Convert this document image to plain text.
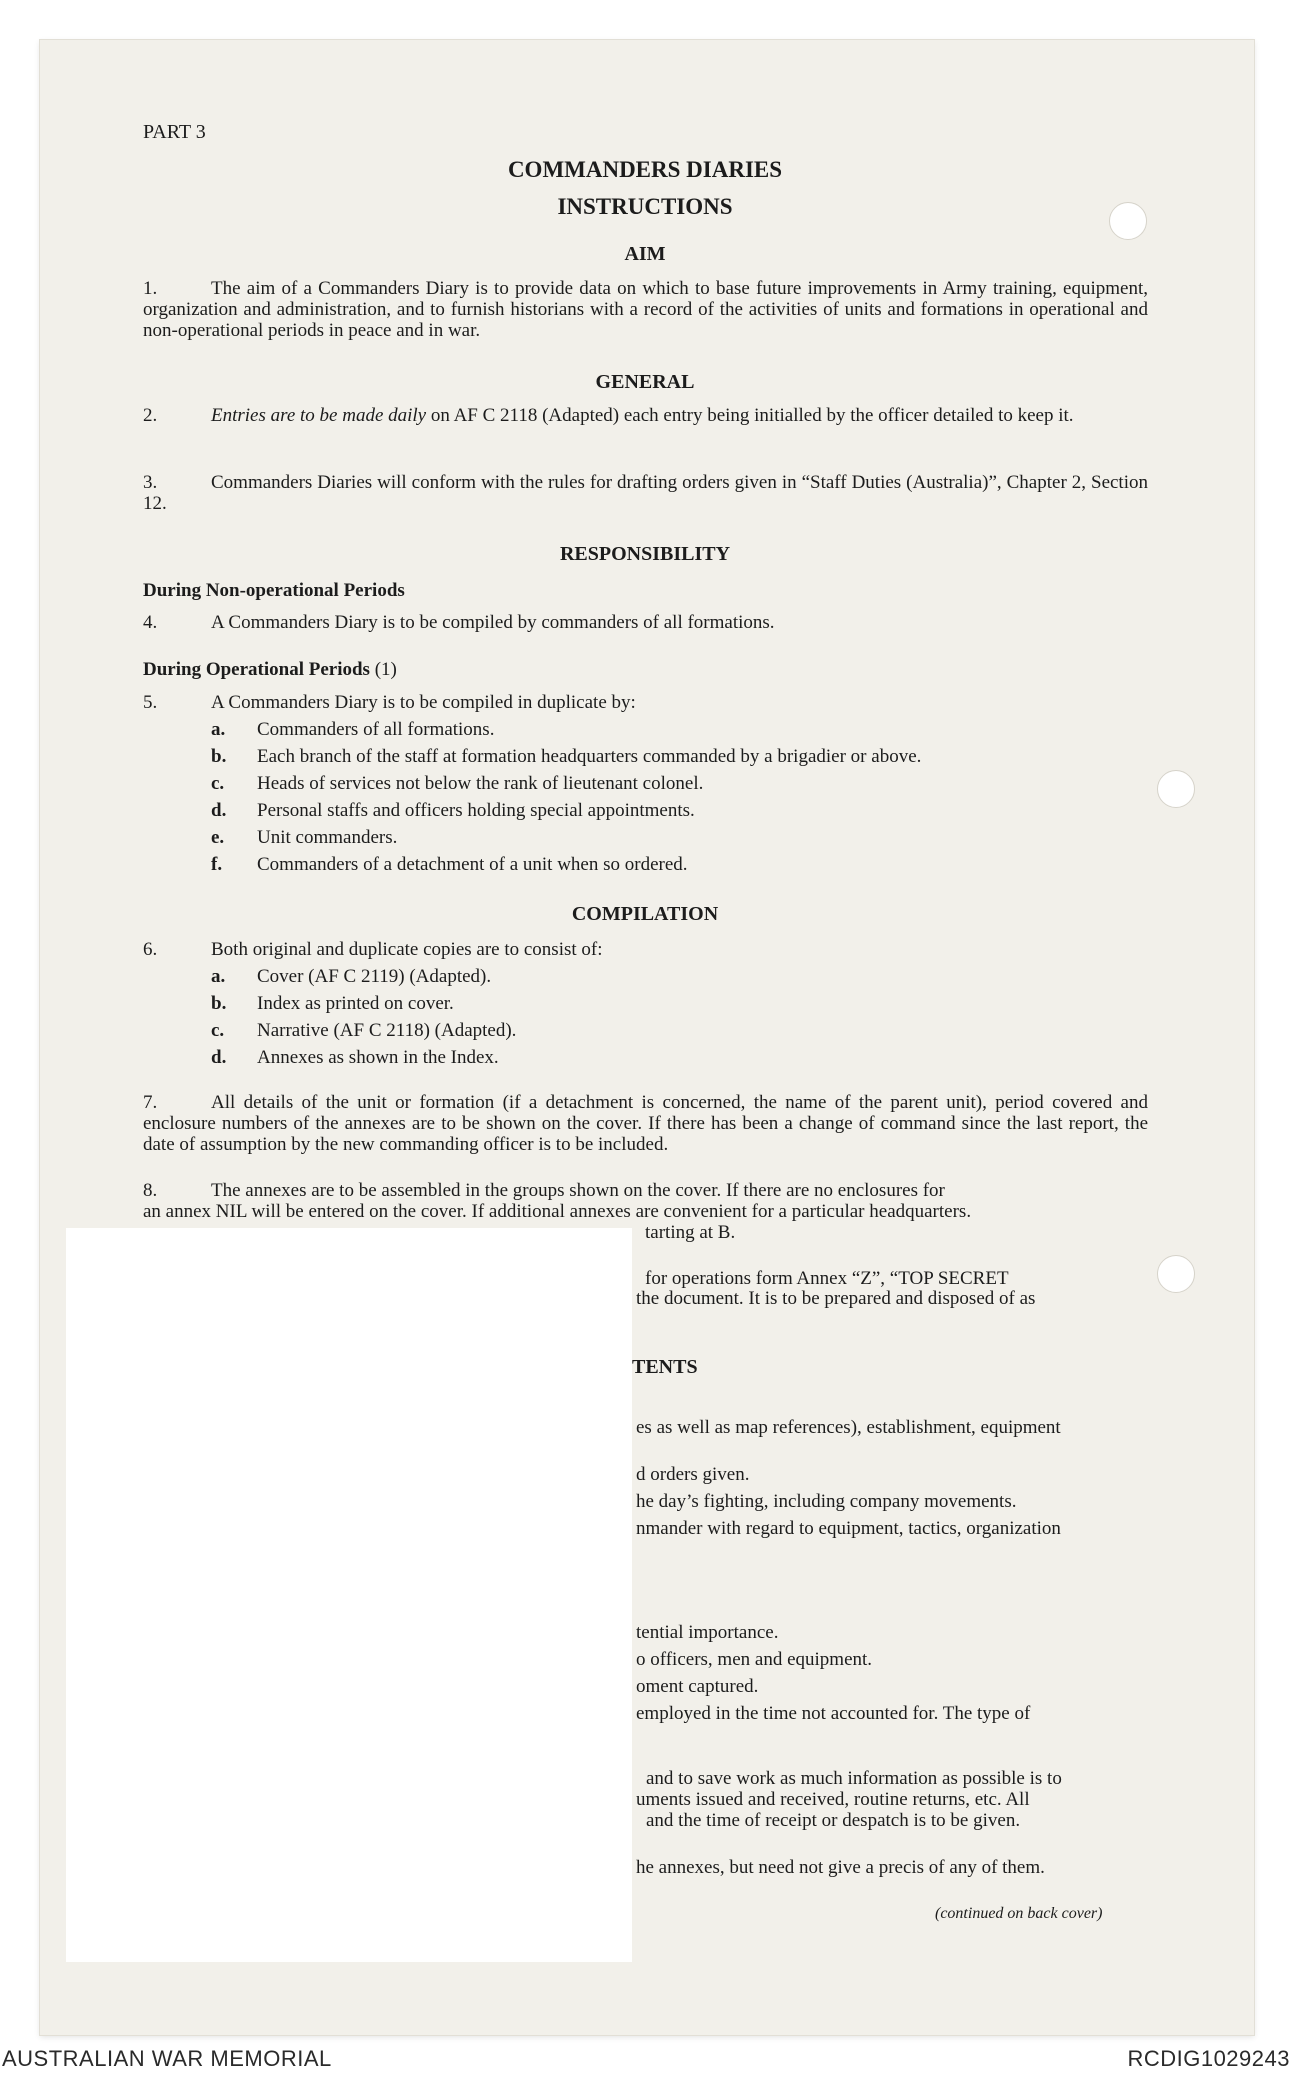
PART 3

COMMANDERS DIARIES

INSTRUCTIONS

AIM

1.	The aim of a Commanders Diary is to provide data on which to base future improvements in Army training, equipment, organization and administration, and to furnish historians with a record of the activities of units and formations in operational and non-operational periods in peace and in war.

GENERAL

2.	Entries are to be made daily on AF C 2118 (Adapted) each entry being initialled by the officer detailed to keep it.

3.	Commanders Diaries will conform with the rules for drafting orders given in “Staff Duties (Australia)”, Chapter 2, Section 12.

RESPONSIBILITY

During Non-operational Periods

4.	A Commanders Diary is to be compiled by commanders of all formations.

During Operational Periods (1)

5.	A Commanders Diary is to be compiled in duplicate by:

a. Commanders of all formations.

b. Each branch of the staff at formation headquarters commanded by a brigadier or above.

c. Heads of services not below the rank of lieutenant colonel.

d. Personal staffs and officers holding special appointments.

e. Unit commanders.

f. Commanders of a detachment of a unit when so ordered.

COMPILATION

6.	Both original and duplicate copies are to consist of:

a. Cover (AF C 2119) (Adapted).

b. Index as printed on cover.

c. Narrative (AF C 2118) (Adapted).

d. Annexes as shown in the Index.

7.	All details of the unit or formation (if a detachment is concerned, the name of the parent unit), period covered and enclosure numbers of the annexes are to be shown on the cover. If there has been a change of command since the last report, the date of assumption by the new commanding officer is to be included.

8.	The annexes are to be assembled in the groups shown on the cover. If there are no enclosures for

an annex NIL will be entered on the cover. If additional annexes are convenient for a particular headquarters.

tarting at B.

for operations form Annex “Z”, “TOP SECRET

the document. It is to be prepared and disposed of as

TENTS

es as well as map references), establishment, equipment

d orders given.

he day’s fighting, including company movements.

nmander with regard to equipment, tactics, organization

tential importance.

o officers, men and equipment.

oment captured.

employed in the time not accounted for. The type of

and to save work as much information as possible is to

uments issued and received, routine returns, etc. All

and the time of receipt or despatch is to be given.

he annexes, but need not give a precis of any of them.

(continued on back cover)

AUSTRALIAN WAR MEMORIAL	RCDIG1029243
